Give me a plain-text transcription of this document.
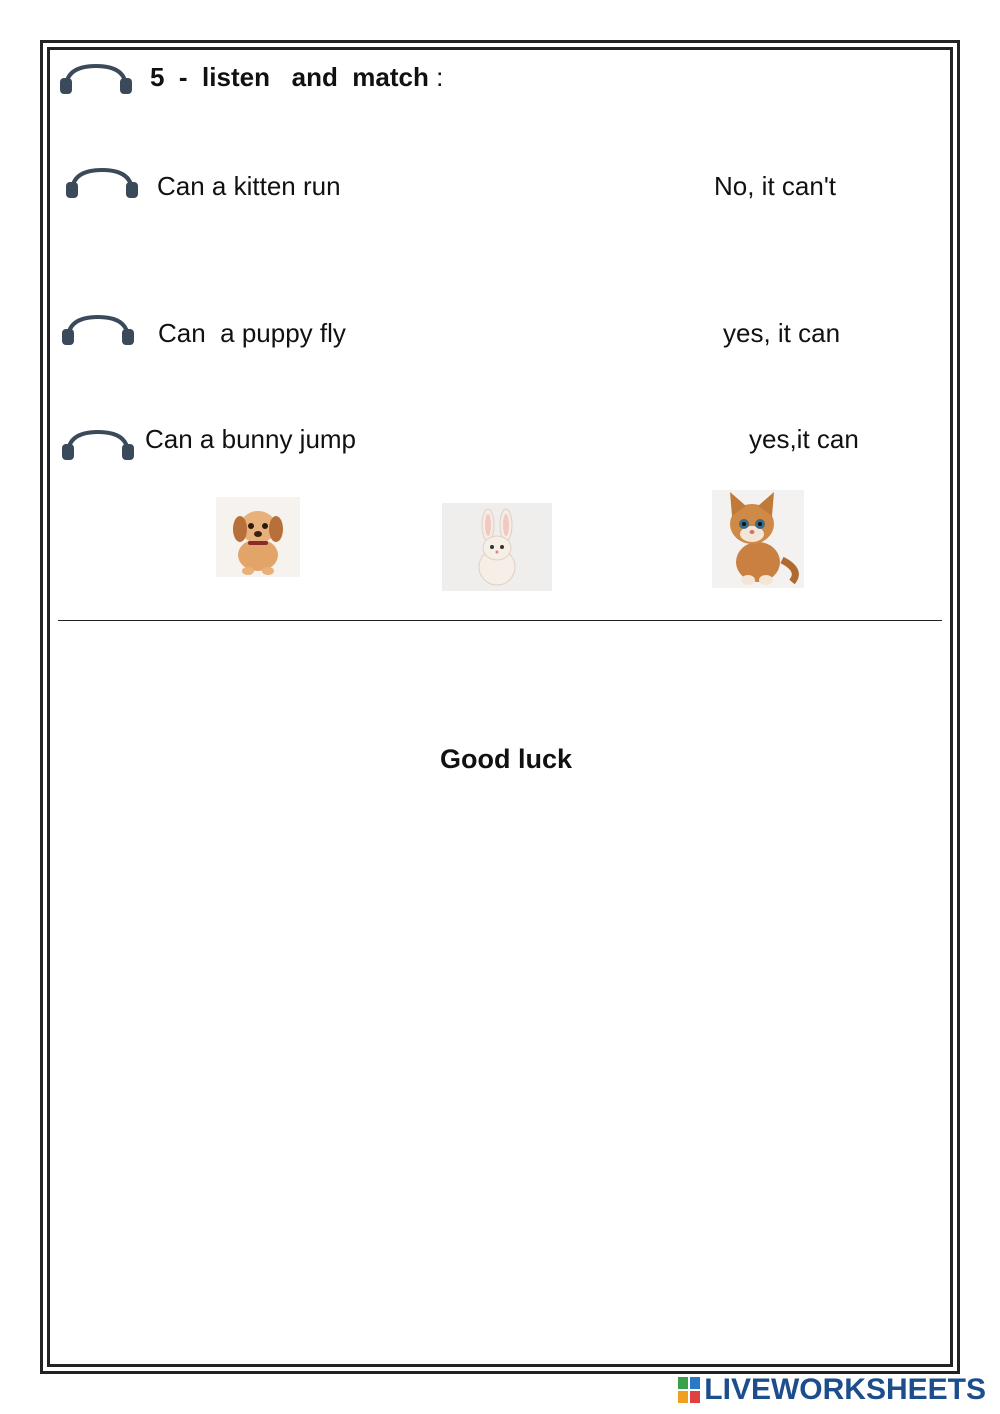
5 - listen   and  match :
Can a kitten run	No, it can't
Can  a puppy fly	yes, it can
Can a bunny jump	yes,it can
Good luck
LIVEWORKSHEETS
